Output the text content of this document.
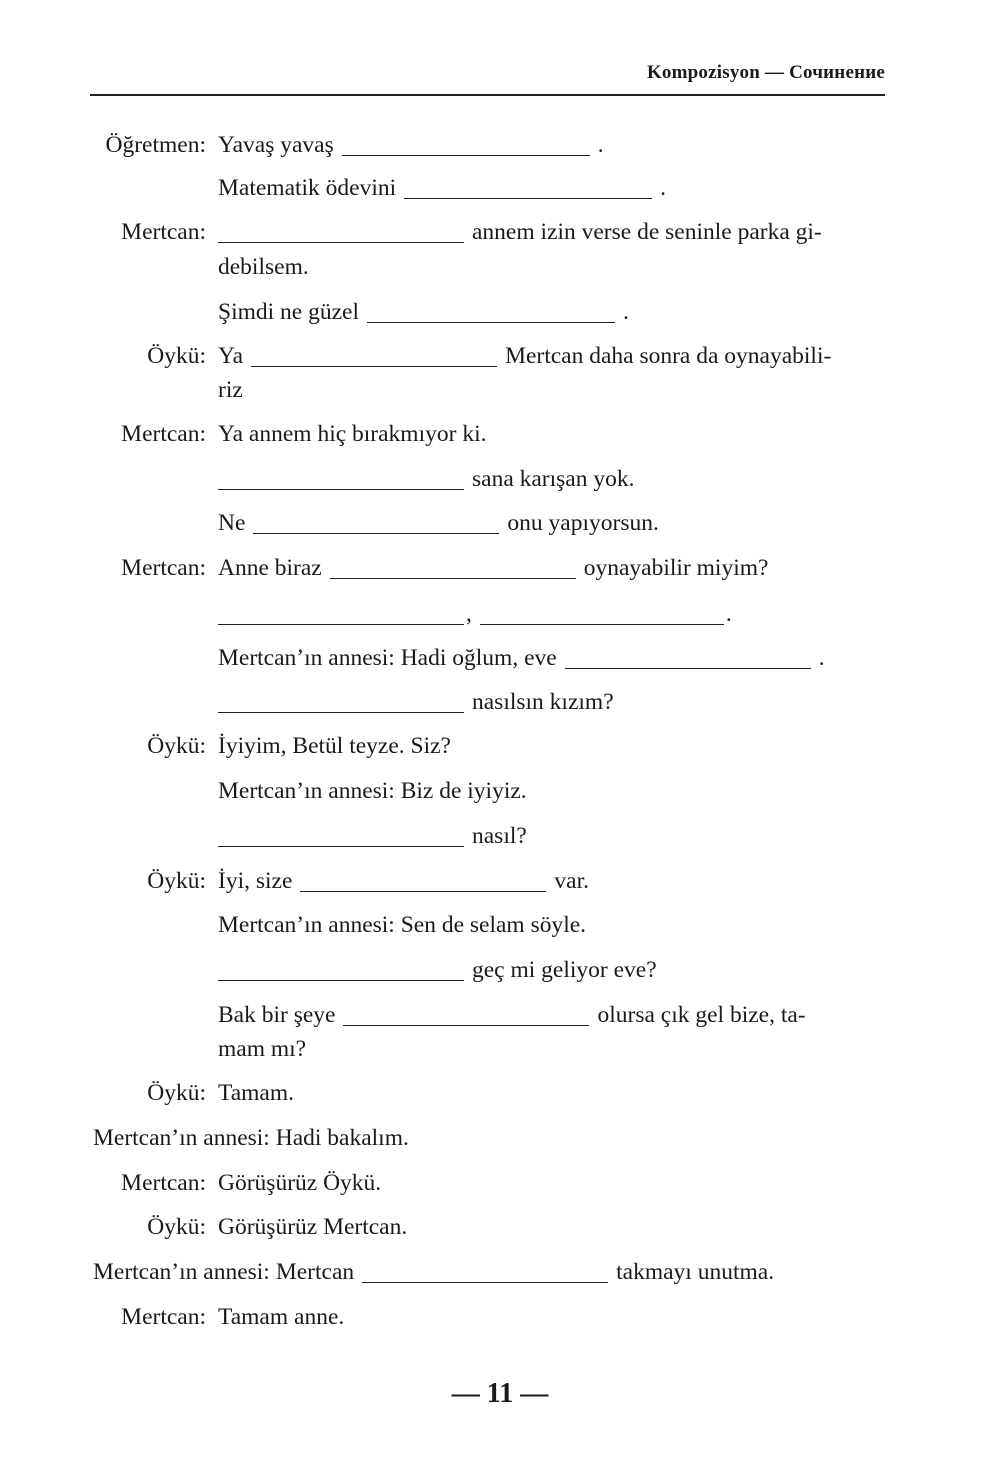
Kompozisyon — Сочинение
Öğretmen: Yavaş yavaş	.
Matematik ödevini	.
Mertcan:	annem izin verse de seninle parka gi-
debilsem.
Şimdi ne güzel	.
Öykü: Ya	Mertcan daha sonra da oynayabili-
riz
Mertcan: Ya annem hiç bırakmıyor ki.
sana karışan yok.
Ne	onu yapıyorsun.
Mertcan: Anne biraz	oynayabilir miyim?
,	.
Mertcan’ın annesi: Hadi oğlum, eve	.
nasılsın kızım?
Öykü: İyiyim, Betül teyze. Siz?
Mertcan’ın annesi: Biz de iyiyiz.
nasıl?
Öykü: İyi, size	var.
Mertcan’ın annesi: Sen de selam söyle.
geç mi geliyor eve?
Bak bir şeye	olursa çık gel bize, ta-
mam mı?
Öykü: Tamam.
Mertcan’ın annesi: Hadi bakalım.
Mertcan: Görüşürüz Öykü.
Öykü: Görüşürüz Mertcan.
Mertcan’ın annesi: Mertcan	takmayı unutma.
Mertcan: Tamam anne.
— 11 —
